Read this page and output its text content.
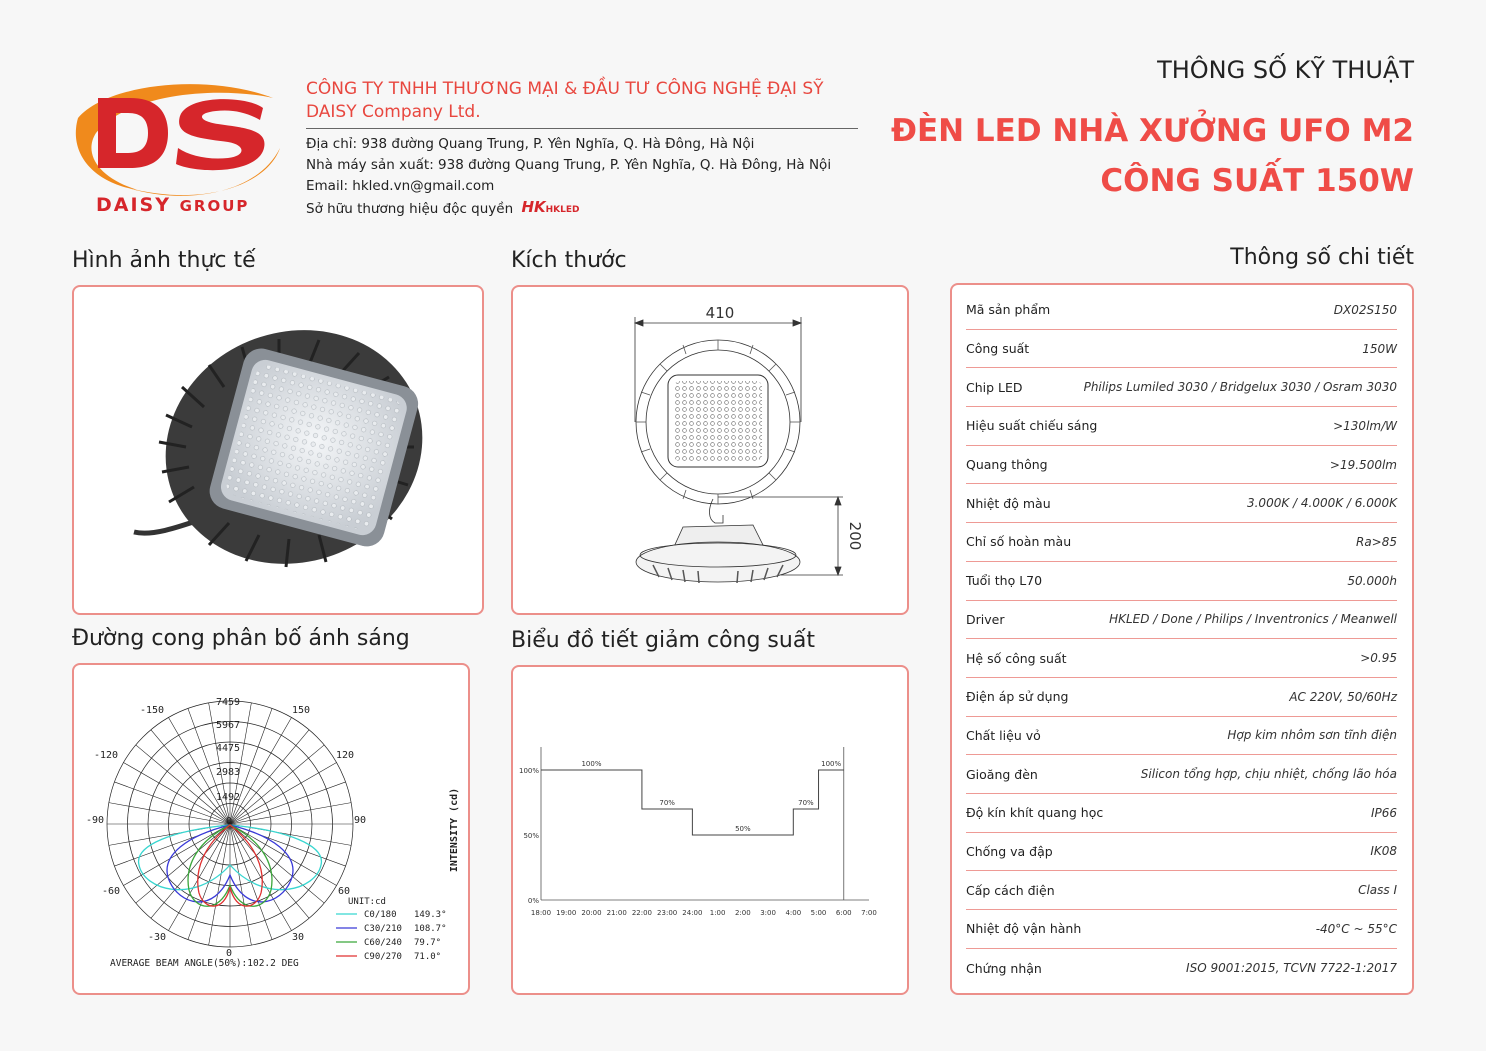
DAISY GROUP
CÔNG TY TNHH THƯƠNG MẠI & ĐẦU TƯ CÔNG NGHỆ ĐẠI SỸ
DAISY Company Ltd.
Địa chỉ: 938 đường Quang Trung, P. Yên Nghĩa, Q. Hà Đông, Hà Nội
Nhà máy sản xuất: 938 đường Quang Trung, P. Yên Nghĩa, Q. Hà Đông, Hà Nội
Email: hkled.vn@gmail.com
Sở hữu thương hiệu độc quyền HKHKLED
THÔNG SỐ KỸ THUẬT
ĐÈN LED NHÀ XƯỞNG UFO M2
CÔNG SUẤT 150W
Hình ảnh thực tế	Kích thước	Thông số chi tiết
Đường cong phân bố ánh sáng	Biểu đồ tiết giảm công suất
410
200
-150	150
-120	120
-90	90
-60	60
-30	30
0
7459
5967
4475
2983
1492
0
UNIT:cd
AVERAGE BEAM ANGLE(50%):102.2 DEG
INTENSITY (cd)
C0/180 149.3°
C30/210 108.7°
C60/240 79.7°
C90/270 71.0°
18:00 19:00 20:00 21:00 22:00 23:00 24:00 1:00 2:00 3:00 4:00 5:00 6:00 7:00
100%
50%
0%
100%
70%
50%
70%
100%
Mã sản phẩm	DX02S150
Công suất	150W
Chip LED	Philips Lumiled 3030 / Bridgelux 3030 / Osram 3030
Hiệu suất chiếu sáng	>130lm/W
Quang thông	>19.500lm
Nhiệt độ màu	3.000K / 4.000K / 6.000K
Chỉ số hoàn màu	Ra>85
Tuổi thọ L70	50.000h
Driver	HKLED / Done / Philips / Inventronics / Meanwell
Hệ số công suất	>0.95
Điện áp sử dụng	AC 220V, 50/60Hz
Chất liệu vỏ	Hợp kim nhôm sơn tĩnh điện
Gioăng đèn	Silicon tổng hợp, chịu nhiệt, chống lão hóa
Độ kín khít quang học	IP66
Chống va đập	IK08
Cấp cách điện	Class I
Nhiệt độ vận hành	-40°C ~ 55°C
Chứng nhận	ISO 9001:2015, TCVN 7722-1:2017
